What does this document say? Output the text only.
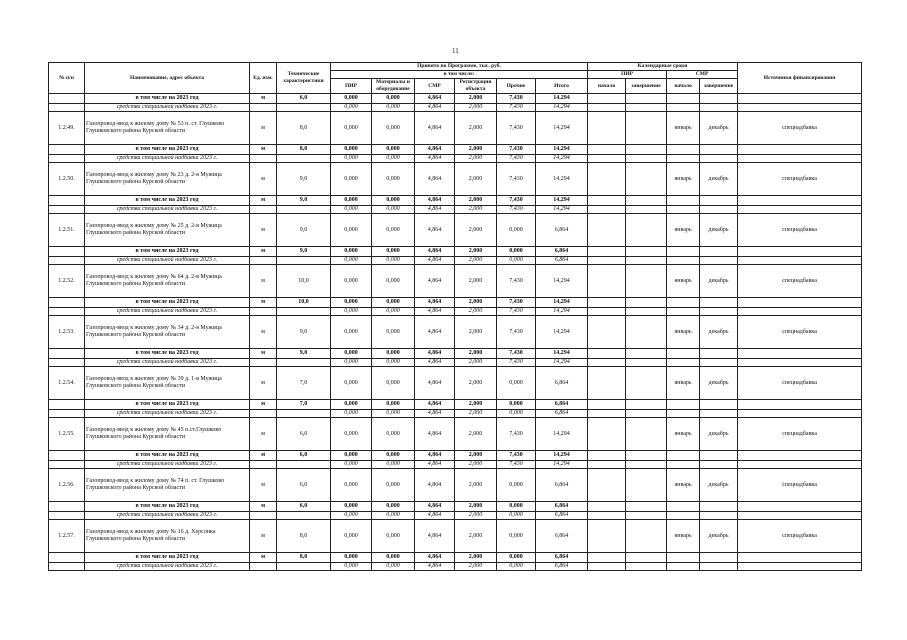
11
№ п/п	Наименование, адрес объекта	Ед. изм.	Технические характеристики	Принято по Программе, тыс. руб.						Календарные сроки				Источники финансирования
				в том числе:						ПИР		СМР		
				ПИР	Материалы и оборудование	СМР	Регистрация объекта	Прочие	Итого	начало	завершение	начало	завершение	
	в том числе на 2023 год	м	6,0	0,000	0,000	4,864	2,000	7,430	14,294					
	средства специальной надбавки 2023 г.			0,000	0,000	4,864	2,000	7,430	14,294					
1.2.49.	Газопровод-ввод к жилому дому № 53 п. ст. Глушково Глушковского района Курской области	м	8,0	0,000	0,000	4,864	2,000	7,430	14,294			январь	декабрь	спецнадбавка
	в том числе на 2023 год	м	8,0	0,000	0,000	4,864	2,000	7,430	14,294					
	средства специальной надбавки 2023 г.			0,000	0,000	4,864	2,000	7,430	14,294					
1.2.50.	Газопровод-ввод к жилому дому № 23 д. 2-я Мужица Глушковского района Курской области	м	9,0	0,000	0,000	4,864	2,000	7,430	14,294			январь	декабрь	спецнадбавка
	в том числе на 2023 год	м	9,0	0,000	0,000	4,864	2,000	7,430	14,294					
	средства специальной надбавки 2023 г.			0,000	0,000	4,864	2,000	7,430	14,294					
1.2.51.	Газопровод-ввод к жилому дому № 25 д. 2-я Мужица Глушковского района Курской области	м	9,0	0,000	0,000	4,864	2,000	0,000	6,864			январь	декабрь	спецнадбавка
	в том числе на 2023 год	м	9,0	0,000	0,000	4,864	2,000	0,000	6,864					
	средства специальной надбавки 2023 г.			0,000	0,000	4,864	2,000	0,000	6,864					
1.2.52.	Газопровод-ввод к жилому дому № 64 д. 2-я Мужица Глушковского района Курской области	м	10,0	0,000	0,000	4,864	2,000	7,430	14,294			январь	декабрь	спецнадбавка
	в том числе на 2023 год	м	10,0	0,000	0,000	4,864	2,000	7,430	14,294					
	средства специальной надбавки 2023 г.			0,000	0,000	4,864	2,000	7,430	14,294					
1.2.53.	Газопровод-ввод к жилому дому № 34 д. 2-я Мужица Глушковского района Курской области	м	9,0	0,000	0,000	4,864	2,000	7,430	14,294			январь	декабрь	спецнадбавка
	в том числе на 2023 год	м	9,0	0,000	0,000	4,864	2,000	7,430	14,294					
	средства специальной надбавки 2023 г.			0,000	0,000	4,864	2,000	7,430	14,294					
1.2.54.	Газопровод-ввод к жилому дому № 39 д. 1-я Мужица Глушковского района Курской области	м	7,0	0,000	0,000	4,864	2,000	0,000	6,864			январь	декабрь	спецнадбавка
	в том числе на 2023 год	м	7,0	0,000	0,000	4,864	2,000	0,000	6,864					
	средства специальной надбавки 2023 г.			0,000	0,000	4,864	2,000	0,000	6,864					
1.2.55.	Газопровод-ввод к жилому дому № 45 п.ст.Глушково Глушковского района Курской области	м	6,0	0,000	0,000	4,864	2,000	7,430	14,294			январь	декабрь	спецнадбавка
	в том числе на 2023 год	м	6,0	0,000	0,000	4,864	2,000	7,430	14,294					
	средства специальной надбавки 2023 г.			0,000	0,000	4,864	2,000	7,430	14,294					
1.2.56.	Газопровод-ввод к жилому дому № 74 п. ст. Глушково Глушковского района Курской области	м	6,0	0,000	0,000	4,864	2,000	0,000	6,864			январь	декабрь	спецнадбавка
	в том числе на 2023 год	м	6,0	0,000	0,000	4,864	2,000	0,000	6,864					
	средства специальной надбавки 2023 г.			0,000	0,000	4,864	2,000	0,000	6,864					
1.2.57.	Газопровод-ввод к жилому дому № 16 д. Херсонка Глушковского района Курской области	м	8,0	0,000	0,000	4,864	2,000	0,000	6,864			январь	декабрь	спецнадбавка
	в том числе на 2023 год	м	8,0	0,000	0,000	4,864	2,000	0,000	6,864					
	средства специальной надбавки 2023 г.			0,000	0,000	4,864	2,000	0,000	6,864					
